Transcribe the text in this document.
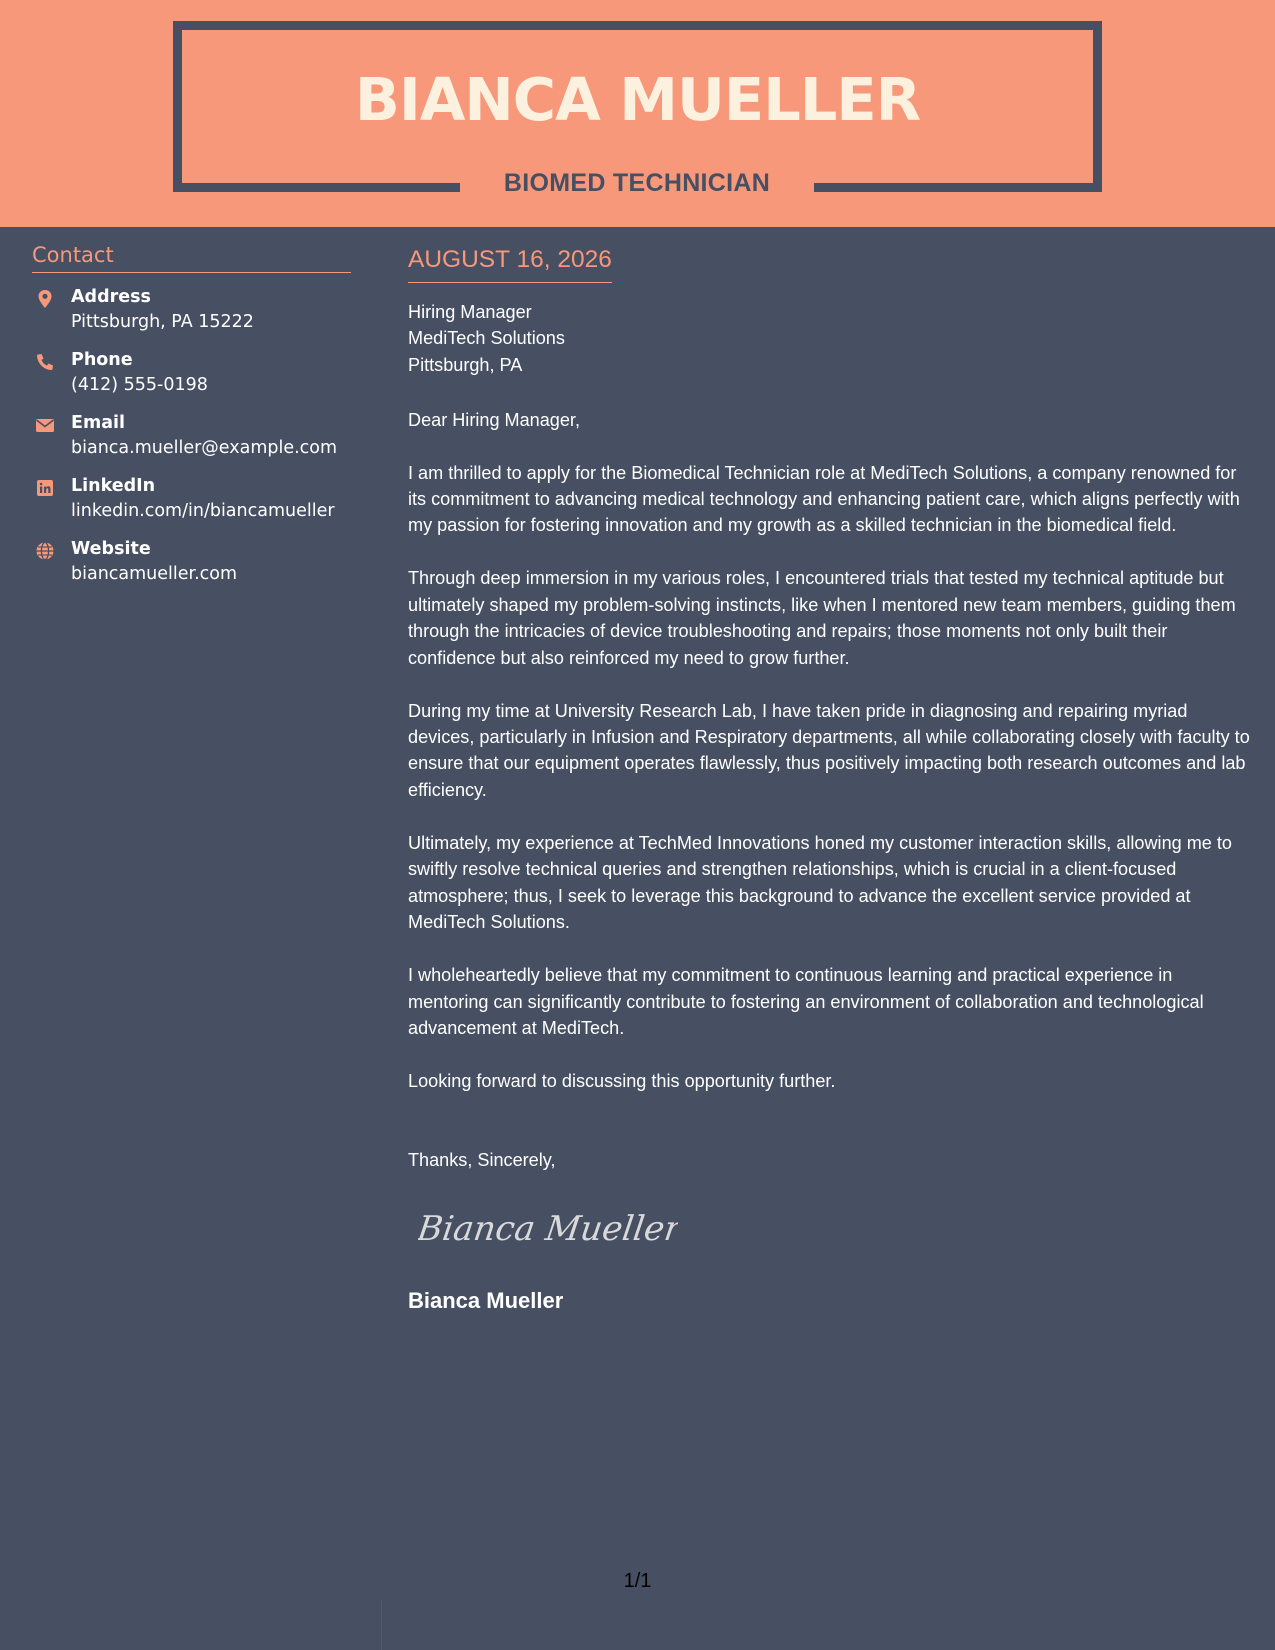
BIANCA MUELLER
BIOMED TECHNICIAN
Contact
Address
Pittsburgh, PA 15222
Phone
(412) 555-0198
Email
bianca.mueller@example.com
LinkedIn
linkedin.com/in/biancamueller
Website
biancamueller.com
AUGUST 16, 2026
Hiring Manager
MediTech Solutions
Pittsburgh, PA
Dear Hiring Manager,

I am thrilled to apply for the Biomedical Technician role at MediTech Solutions, a company renowned for its commitment to advancing medical technology and enhancing patient care, which aligns perfectly with my passion for fostering innovation and my growth as a skilled technician in the biomedical field.

Through deep immersion in my various roles, I encountered trials that tested my technical aptitude but ultimately shaped my problem-solving instincts, like when I mentored new team members, guiding them through the intricacies of device troubleshooting and repairs; those moments not only built their confidence but also reinforced my need to grow further.

During my time at University Research Lab, I have taken pride in diagnosing and repairing myriad devices, particularly in Infusion and Respiratory departments, all while collaborating closely with faculty to ensure that our equipment operates flawlessly, thus positively impacting both research outcomes and lab efficiency.

Ultimately, my experience at TechMed Innovations honed my customer interaction skills, allowing me to swiftly resolve technical queries and strengthen relationships, which is crucial in a client-focused atmosphere; thus, I seek to leverage this background to advance the excellent service provided at MediTech Solutions.

I wholeheartedly believe that my commitment to continuous learning and practical experience in mentoring can significantly contribute to fostering an environment of collaboration and technological advancement at MediTech.

Looking forward to discussing this opportunity further.

Thanks, Sincerely,
Bianca Mueller
Bianca Mueller
1/1
